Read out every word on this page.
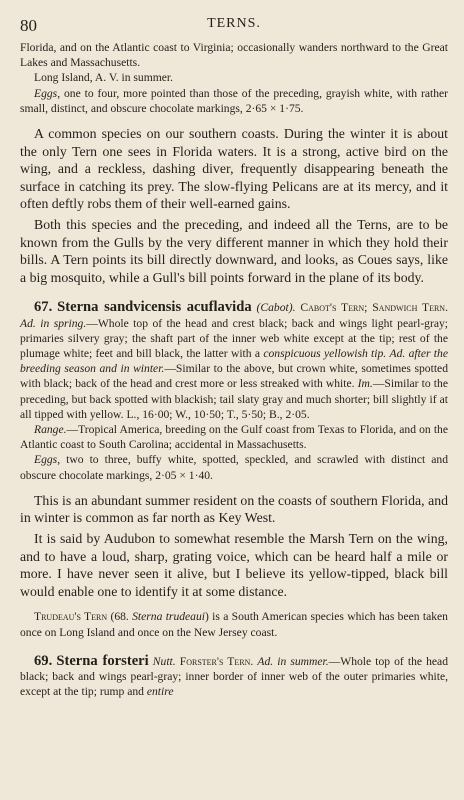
80	TERNS.

Florida, and on the Atlantic coast to Virginia; occasionally wanders northward to the Great Lakes and Massachusetts.

Long Island, A. V. in summer.

Eggs, one to four, more pointed than those of the preceding, grayish white, with rather small, distinct, and obscure chocolate markings, 2·65 × 1·75.

A common species on our southern coasts. During the winter it is about the only Tern one sees in Florida waters. It is a strong, active bird on the wing, and a reckless, dashing diver, frequently disappearing beneath the surface in catching its prey. The slow-flying Pelicans are at its mercy, and it often deftly robs them of their well-earned gains.

Both this species and the preceding, and indeed all the Terns, are to be known from the Gulls by the very different manner in which they hold their bills. A Tern points its bill directly downward, and looks, as Coues says, like a big mosquito, while a Gull's bill points forward in the plane of its body.

67. Sterna sandvicensis acuflavida (Cabot). Cabot's Tern; Sandwich Tern. Ad. in spring.—Whole top of the head and crest black; back and wings light pearl-gray; primaries silvery gray; the shaft part of the inner web white except at the tip; rest of the plumage white; feet and bill black, the latter with a conspicuous yellowish tip. Ad. after the breeding season and in winter.—Similar to the above, but crown white, sometimes spotted with black; back of the head and crest more or less streaked with white. Im.—Similar to the preceding, but back spotted with blackish; tail slaty gray and much shorter; bill slightly if at all tipped with yellow. L., 16·00; W., 10·50; T., 5·50; B., 2·05.

Range.—Tropical America, breeding on the Gulf coast from Texas to Florida, and on the Atlantic coast to South Carolina; accidental in Massachusetts.

Eggs, two to three, buffy white, spotted, speckled, and scrawled with distinct and obscure chocolate markings, 2·05 × 1·40.

This is an abundant summer resident on the coasts of southern Florida, and in winter is common as far north as Key West.

It is said by Audubon to somewhat resemble the Marsh Tern on the wing, and to have a loud, sharp, grating voice, which can be heard half a mile or more. I have never seen it alive, but I believe its yellow-tipped, black bill would enable one to identify it at some distance.

Trudeau's Tern (68. Sterna trudeaui) is a South American species which has been taken once on Long Island and once on the New Jersey coast.

69. Sterna forsteri Nutt. Forster's Tern. Ad. in summer.—Whole top of the head black; back and wings pearl-gray; inner border of inner web of the outer primaries white, except at the tip; rump and entire
